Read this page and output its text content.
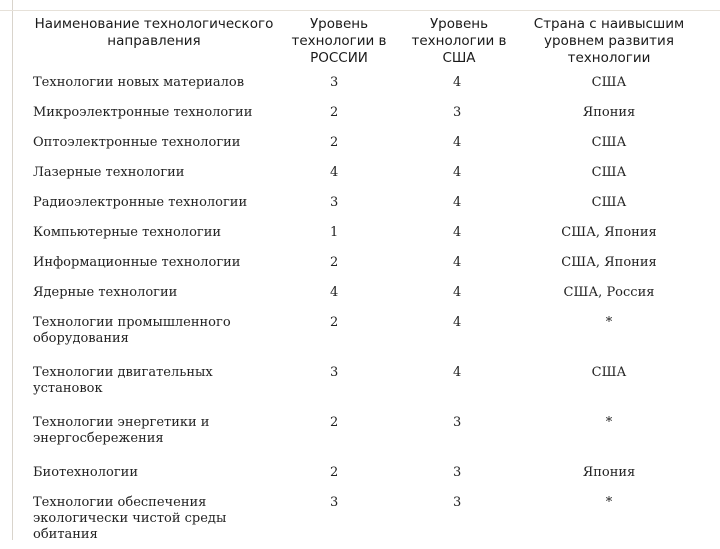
Наименование технологического направления	Уровень технологии в РОССИИ	Уровень технологии в США	Страна с наивысшим уровнем развития технологии
Технологии новых материалов	3	4	США
Микроэлектронные технологии	2	3	Япония
Оптоэлектронные технологии	2	4	США
Лазерные технологии	4	4	США
Радиоэлектронные технологии	3	4	США
Компьютерные технологии	1	4	США, Япония
Информационные технологии	2	4	США, Япония
Ядерные технологии	4	4	США, Россия
Технологии промышленного оборудования	2	4	*
Технологии двигательных установок	3	4	США
Технологии энергетики и энергосбережения	2	3	*
Биотехнологии	2	3	Япония
Технологии обеспечения экологически чистой среды обитания	3	3	*
